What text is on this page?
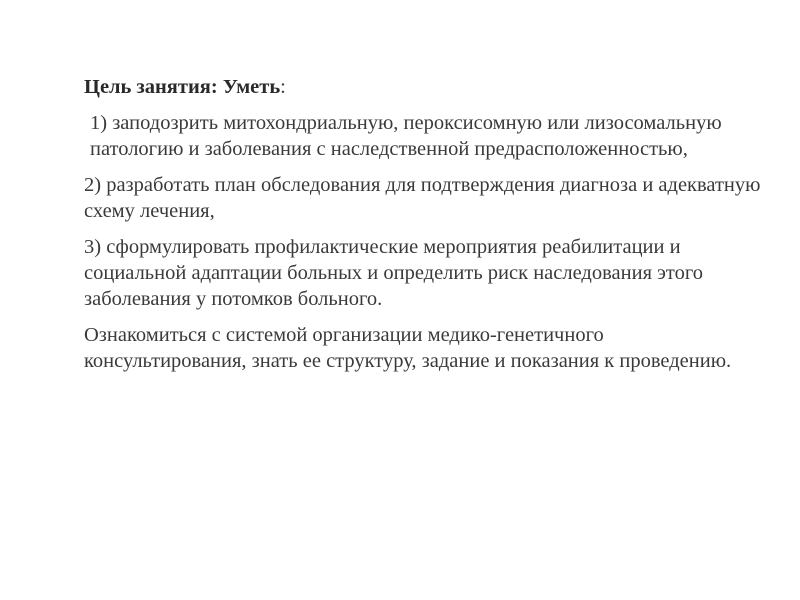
Цель занятия: Уметь:

1) заподозрить митохондриальную, пероксисомную или лизосомальную патологию и заболевания с наследственной предрасположенностью,

2) разработать план обследования для подтверждения диагноза и адекватную схему лечения,

3) сформулировать профилактические мероприятия реабилитации и социальной адаптации больных и определить риск наследования этого заболевания у потомков больного.

Ознакомиться с системой организации медико-генетичного консультирования, знать ее структуру, задание и показания к проведению.
